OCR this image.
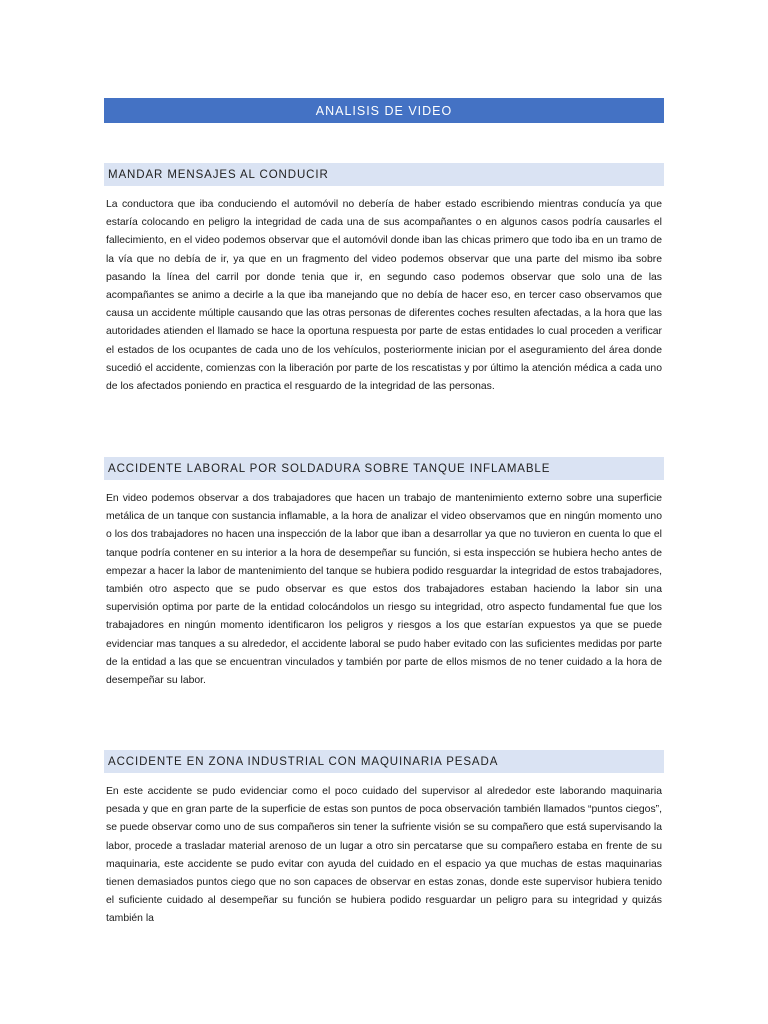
ANALISIS DE VIDEO
MANDAR MENSAJES AL CONDUCIR
La conductora que iba conduciendo el automóvil no debería de haber estado escribiendo mientras conducía ya que estaría colocando en peligro la integridad de cada una de sus acompañantes o en algunos casos podría causarles el fallecimiento, en el video podemos observar que el automóvil donde iban las chicas primero que todo iba en un tramo de la vía que no debía de ir, ya que en un fragmento del video podemos observar que una parte del mismo iba sobre pasando la línea del carril por donde tenia que ir, en segundo caso podemos observar que solo una de las acompañantes se animo a decirle a la que iba manejando que no debía de hacer eso, en tercer caso observamos que causa un accidente múltiple causando que las otras personas de diferentes coches resulten afectadas, a la hora que las autoridades atienden el llamado se hace la oportuna respuesta por parte de estas entidades lo cual proceden a verificar el estados de los ocupantes de cada uno de los vehículos, posteriormente inician por el aseguramiento del área donde sucedió el accidente, comienzas con la liberación por parte de los rescatistas y por último la atención médica a cada uno de los afectados poniendo en practica el resguardo de la integridad de las personas.
ACCIDENTE LABORAL POR SOLDADURA SOBRE TANQUE INFLAMABLE
En video podemos observar a dos trabajadores que hacen un trabajo de mantenimiento externo sobre una superficie metálica de un tanque con sustancia inflamable, a la hora de analizar el video observamos que en ningún momento uno o los dos trabajadores no hacen una inspección de la labor que iban a desarrollar ya que no tuvieron en cuenta lo que el tanque podría contener en su interior a la hora de desempeñar su función, si esta inspección se hubiera hecho antes de empezar a hacer la labor de mantenimiento del tanque se hubiera podido resguardar la integridad de estos trabajadores, también otro aspecto que se pudo observar es que estos dos trabajadores estaban haciendo la labor sin una supervisión optima por parte de la entidad colocándolos un riesgo su integridad, otro aspecto fundamental fue que los trabajadores en ningún momento identificaron los peligros y riesgos a los que estarían expuestos ya que se puede evidenciar mas tanques a su alrededor, el accidente laboral se pudo haber evitado con las suficientes medidas por parte de la entidad a las que se encuentran vinculados y también por parte de ellos mismos de no tener cuidado a la hora de desempeñar su labor.
ACCIDENTE EN ZONA INDUSTRIAL CON MAQUINARIA PESADA
En este accidente se pudo evidenciar como el poco cuidado del supervisor al alrededor este laborando maquinaria pesada y que en gran parte de la superficie de estas son puntos de poca observación también llamados “puntos ciegos”, se puede observar como uno de sus compañeros sin tener la sufriente visión se su compañero que está supervisando la labor, procede a trasladar material arenoso de un lugar a otro sin percatarse que su compañero estaba en frente de su maquinaria, este accidente se pudo evitar con ayuda del cuidado en el espacio ya que muchas de estas maquinarias tienen demasiados puntos ciego que no son capaces de observar en estas zonas, donde este supervisor hubiera tenido el suficiente cuidado al desempeñar su función se hubiera podido resguardar un peligro para su integridad y quizás también la
